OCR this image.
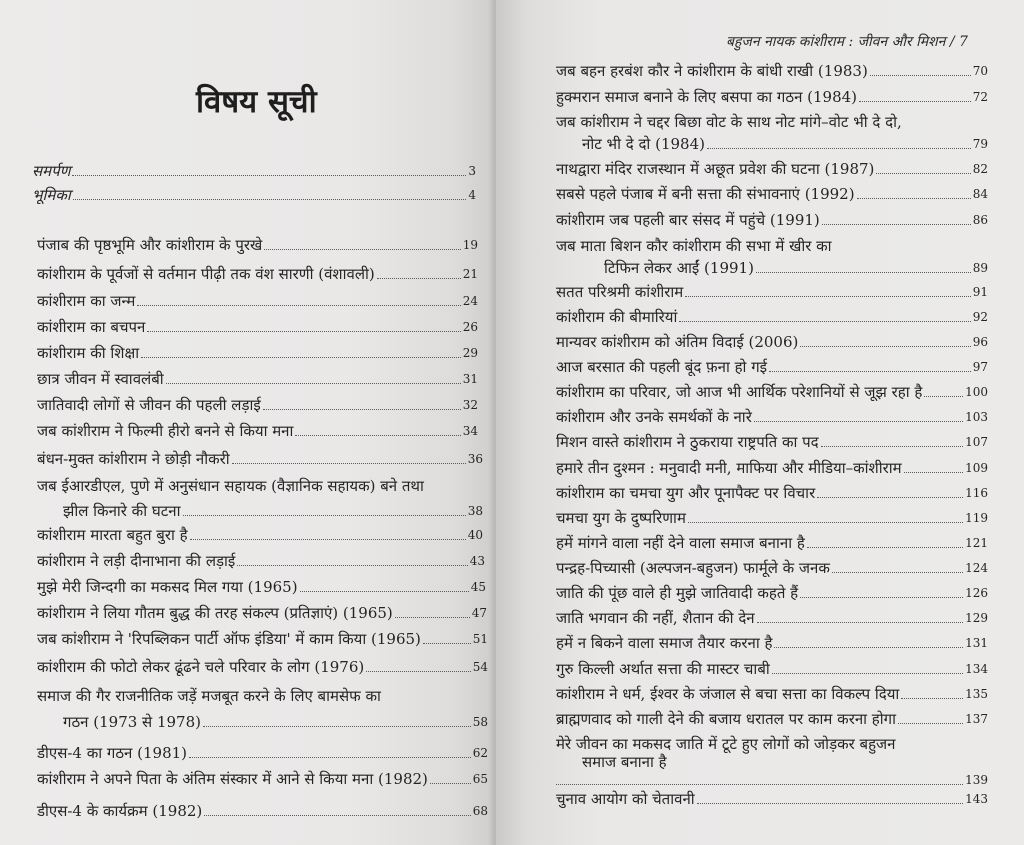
विषय सूची
समर्पण	3
भूमिका	4
पंजाब की पृष्ठभूमि और कांशीराम के पुरखे	19
कांशीराम के पूर्वजों से वर्तमान पीढ़ी तक वंश सारणी (वंशावली)	21
कांशीराम का जन्म	24
कांशीराम का बचपन	26
कांशीराम की शिक्षा	29
छात्र जीवन में स्वावलंबी	31
जातिवादी लोगों से जीवन की पहली लड़ाई	32
जब कांशीराम ने फिल्मी हीरो बनने से किया मना	34
बंधन-मुक्त कांशीराम ने छोड़ी नौकरी	36
जब ईआरडीएल, पुणे में अनुसंधान सहायक (वैज्ञानिक सहायक) बने तथा
झील किनारे की घटना	38
कांशीराम मारता बहुत बुरा है	40
कांशीराम ने लड़ी दीनाभाना की लड़ाई	43
मुझे मेरी जिन्दगी का मकसद मिल गया (1965)	45
कांशीराम ने लिया गौतम बुद्ध की तरह संकल्प (प्रतिज्ञाएं) (1965)	47
जब कांशीराम ने 'रिपब्लिकन पार्टी ऑफ इंडिया' में काम किया (1965)	51
कांशीराम की फोटो लेकर ढूंढने चले परिवार के लोग (1976)	54
समाज की गैर राजनीतिक जड़ें मजबूत करने के लिए बामसेफ का
गठन (1973 से 1978)	58
डीएस-4 का गठन (1981)	62
कांशीराम ने अपने पिता के अंतिम संस्कार में आने से किया मना (1982)	65
डीएस-4 के कार्यक्रम (1982)	68
बहुजन नायक कांशीराम : जीवन और मिशन / 7
जब बहन हरबंश कौर ने कांशीराम के बांधी राखी (1983)	70
हुक्मरान समाज बनाने के लिए बसपा का गठन (1984)	72
जब कांशीराम ने चद्दर बिछा वोट के साथ नोट मांगे–वोट भी दे दो,
नोट भी दे दो (1984)	79
नाथद्वारा मंदिर राजस्थान में अछूत प्रवेश की घटना (1987)	82
सबसे पहले पंजाब में बनी सत्ता की संभावनाएं (1992)	84
कांशीराम जब पहली बार संसद में पहुंचे (1991)	86
जब माता बिशन कौर कांशीराम की सभा में खीर का
टिफिन लेकर आईं (1991)	89
सतत परिश्रमी कांशीराम	91
कांशीराम की बीमारियां	92
मान्यवर कांशीराम को अंतिम विदाई (2006)	96
आज बरसात की पहली बूंद फ़ना हो गई	97
कांशीराम का परिवार, जो आज भी आर्थिक परेशानियों से जूझ रहा है	100
कांशीराम और उनके समर्थकों के नारे	103
मिशन वास्ते कांशीराम ने ठुकराया राष्ट्रपति का पद	107
हमारे तीन दुश्मन : मनुवादी मनी, माफिया और मीडिया–कांशीराम	109
कांशीराम का चमचा युग और पूनापैक्ट पर विचार	116
चमचा युग के दुष्परिणाम	119
हमें मांगने वाला नहीं देने वाला समाज बनाना है	121
पन्द्रह-पिच्यासी (अल्पजन-बहुजन) फार्मूले के जनक	124
जाति की पूंछ वाले ही मुझे जातिवादी कहते हैं	126
जाति भगवान की नहीं, शैतान की देन	129
हमें न बिकने वाला समाज तैयार करना है	131
गुरु किल्ली अर्थात सत्ता की मास्टर चाबी	134
कांशीराम ने धर्म, ईश्वर के जंजाल से बचा सत्ता का विकल्प दिया	135
ब्राह्मणवाद को गाली देने की बजाय धरातल पर काम करना होगा	137
मेरे जीवन का मकसद जाति में टूटे हुए लोगों को जोड़कर बहुजन
समाज बनाना है
139
चुनाव आयोग को चेतावनी	143
